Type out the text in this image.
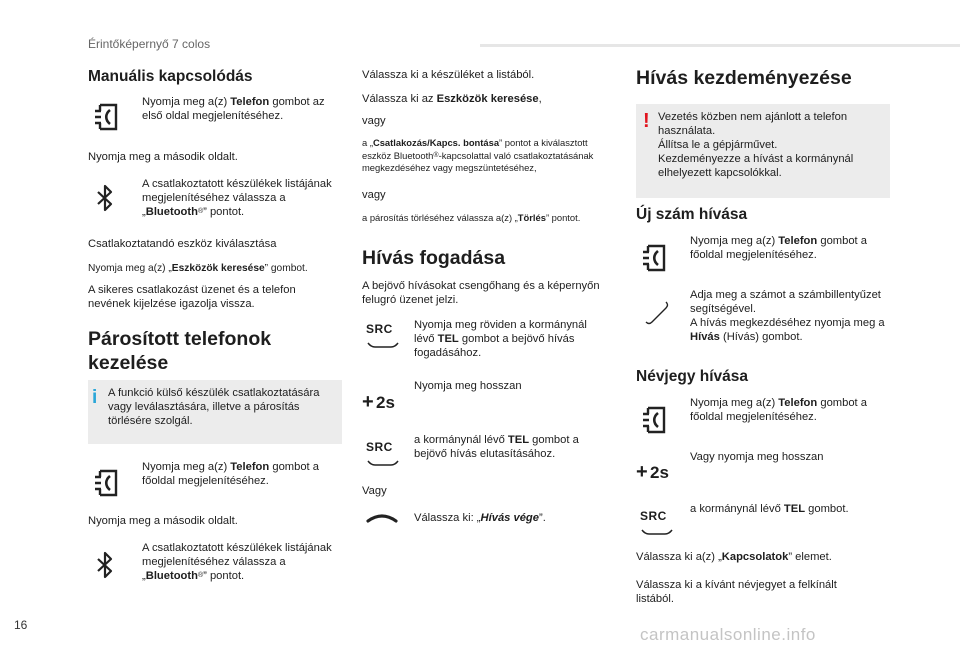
Érintőképernyő 7 colos
Manuális kapcsolódás
Nyomja meg a(z) Telefon gombot az első oldal megjelenítéséhez.
Nyomja meg a második oldalt.
A csatlakoztatott készülékek listájának megjelenítéséhez válassza a „Bluetooth®” pontot.
Csatlakoztatandó eszköz kiválasztása
Nyomja meg a(z) „Eszközök keresése” gombot.
A sikeres csatlakozást üzenet és a telefon nevének kijelzése igazolja vissza.
Párosított telefonok
kezelése
i A funkció külső készülék csatlakoztatására vagy leválasztására, illetve a párosítás törlésére szolgál.
Nyomja meg a(z) Telefon gombot a főoldal megjelenítéséhez.
Nyomja meg a második oldalt.
A csatlakoztatott készülékek listájának megjelenítéséhez válassza a „Bluetooth®” pontot.
Válassza ki a készüléket a listából.
Válassza ki az Eszközök keresése,
vagy
a „Csatlakozás/Kapcs. bontása” pontot a kiválasztott eszköz Bluetooth®-kapcsolattal való csatlakoztatásának megkezdéséhez vagy megszüntetéséhez,
vagy
a párosítás törléséhez válassza a(z) „Törlés” pontot.
Hívás fogadása
A bejövő hívásokat csengőhang és a képernyőn felugró üzenet jelzi.
SRC	Nyomja meg röviden a kormánynál lévő TEL gombot a bejövő hívás fogadásához.
+ 2s
Nyomja meg hosszan
SRC	a kormánynál lévő TEL gombot a bejövő hívás elutasításához.
Vagy
Válassza ki: „Hívás vége”.
Hívás kezdeményezése
! Vezetés közben nem ajánlott a telefon használata.
Állítsa le a gépjárművet.
Kezdeményezze a hívást a kormánynál elhelyezett kapcsolókkal.
Új szám hívása
Nyomja meg a(z) Telefon gombot a főoldal megjelenítéséhez.
Adja meg a számot a számbillentyűzet segítségével.
A hívás megkezdéséhez nyomja meg a Hívás (Hívás) gombot.
Névjegy hívása
Nyomja meg a(z) Telefon gombot a főoldal megjelenítéséhez.
+ 2s
Vagy nyomja meg hosszan
SRC	a kormánynál lévő TEL gombot.
Válassza ki a(z) „Kapcsolatok” elemet.
Válassza ki a kívánt névjegyet a felkínált listából.
16	carmanualsonline.info
